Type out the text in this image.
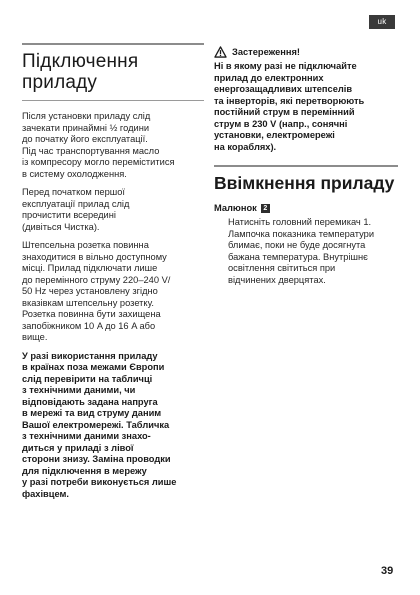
uk
Підключення
приладу

Після установки приладу слід
зачекати принаймні ½ години
до початку його експлуатації.
Під час транспортування масло
із компресору могло переміститися
в систему охолодження.

Перед початком першої
експлуатації прилад слід
прочистити всередині
(дивіться Чистка).

Штепсельна розетка повинна
знаходитися в вільно доступному
місці. Прилад підключати лише
до перемінного струму 220–240 V/
50 Hz через установлену згідно
вказівкам штепсельну розетку.
Розетка повинна бути захищена
запобіжником 10 A до 16 A або
вище.

У разі використання приладу
в країнах поза межами Європи
слід перевірити на табличці
з технічними даними, чи
відповідають задана напруга
в мережі та вид струму даним
Вашої електромережі. Табличка
з технічними даними знахо-
диться у приладі з лівої
сторони знизу. Заміна проводки
для підключення в мережу
у разі потреби виконується лише
фахівцем.

Застереження!

Ні в якому разі не підключайте
прилад до електронних
енергозащадливих штепселів
та інверторів, які перетворюють
постійний струм в перемінний
струм в 230 V (напр., сонячні
установки, електромережі
на кораблях).

Ввімкнення приладу
Малюнок 2

Натисніть головний перемикач 1.
Лампочка показника температури
блимає, поки не буде досягнута
бажана температура. Внутрішнє
освітлення світиться при
відчинених дверцятах.

39
